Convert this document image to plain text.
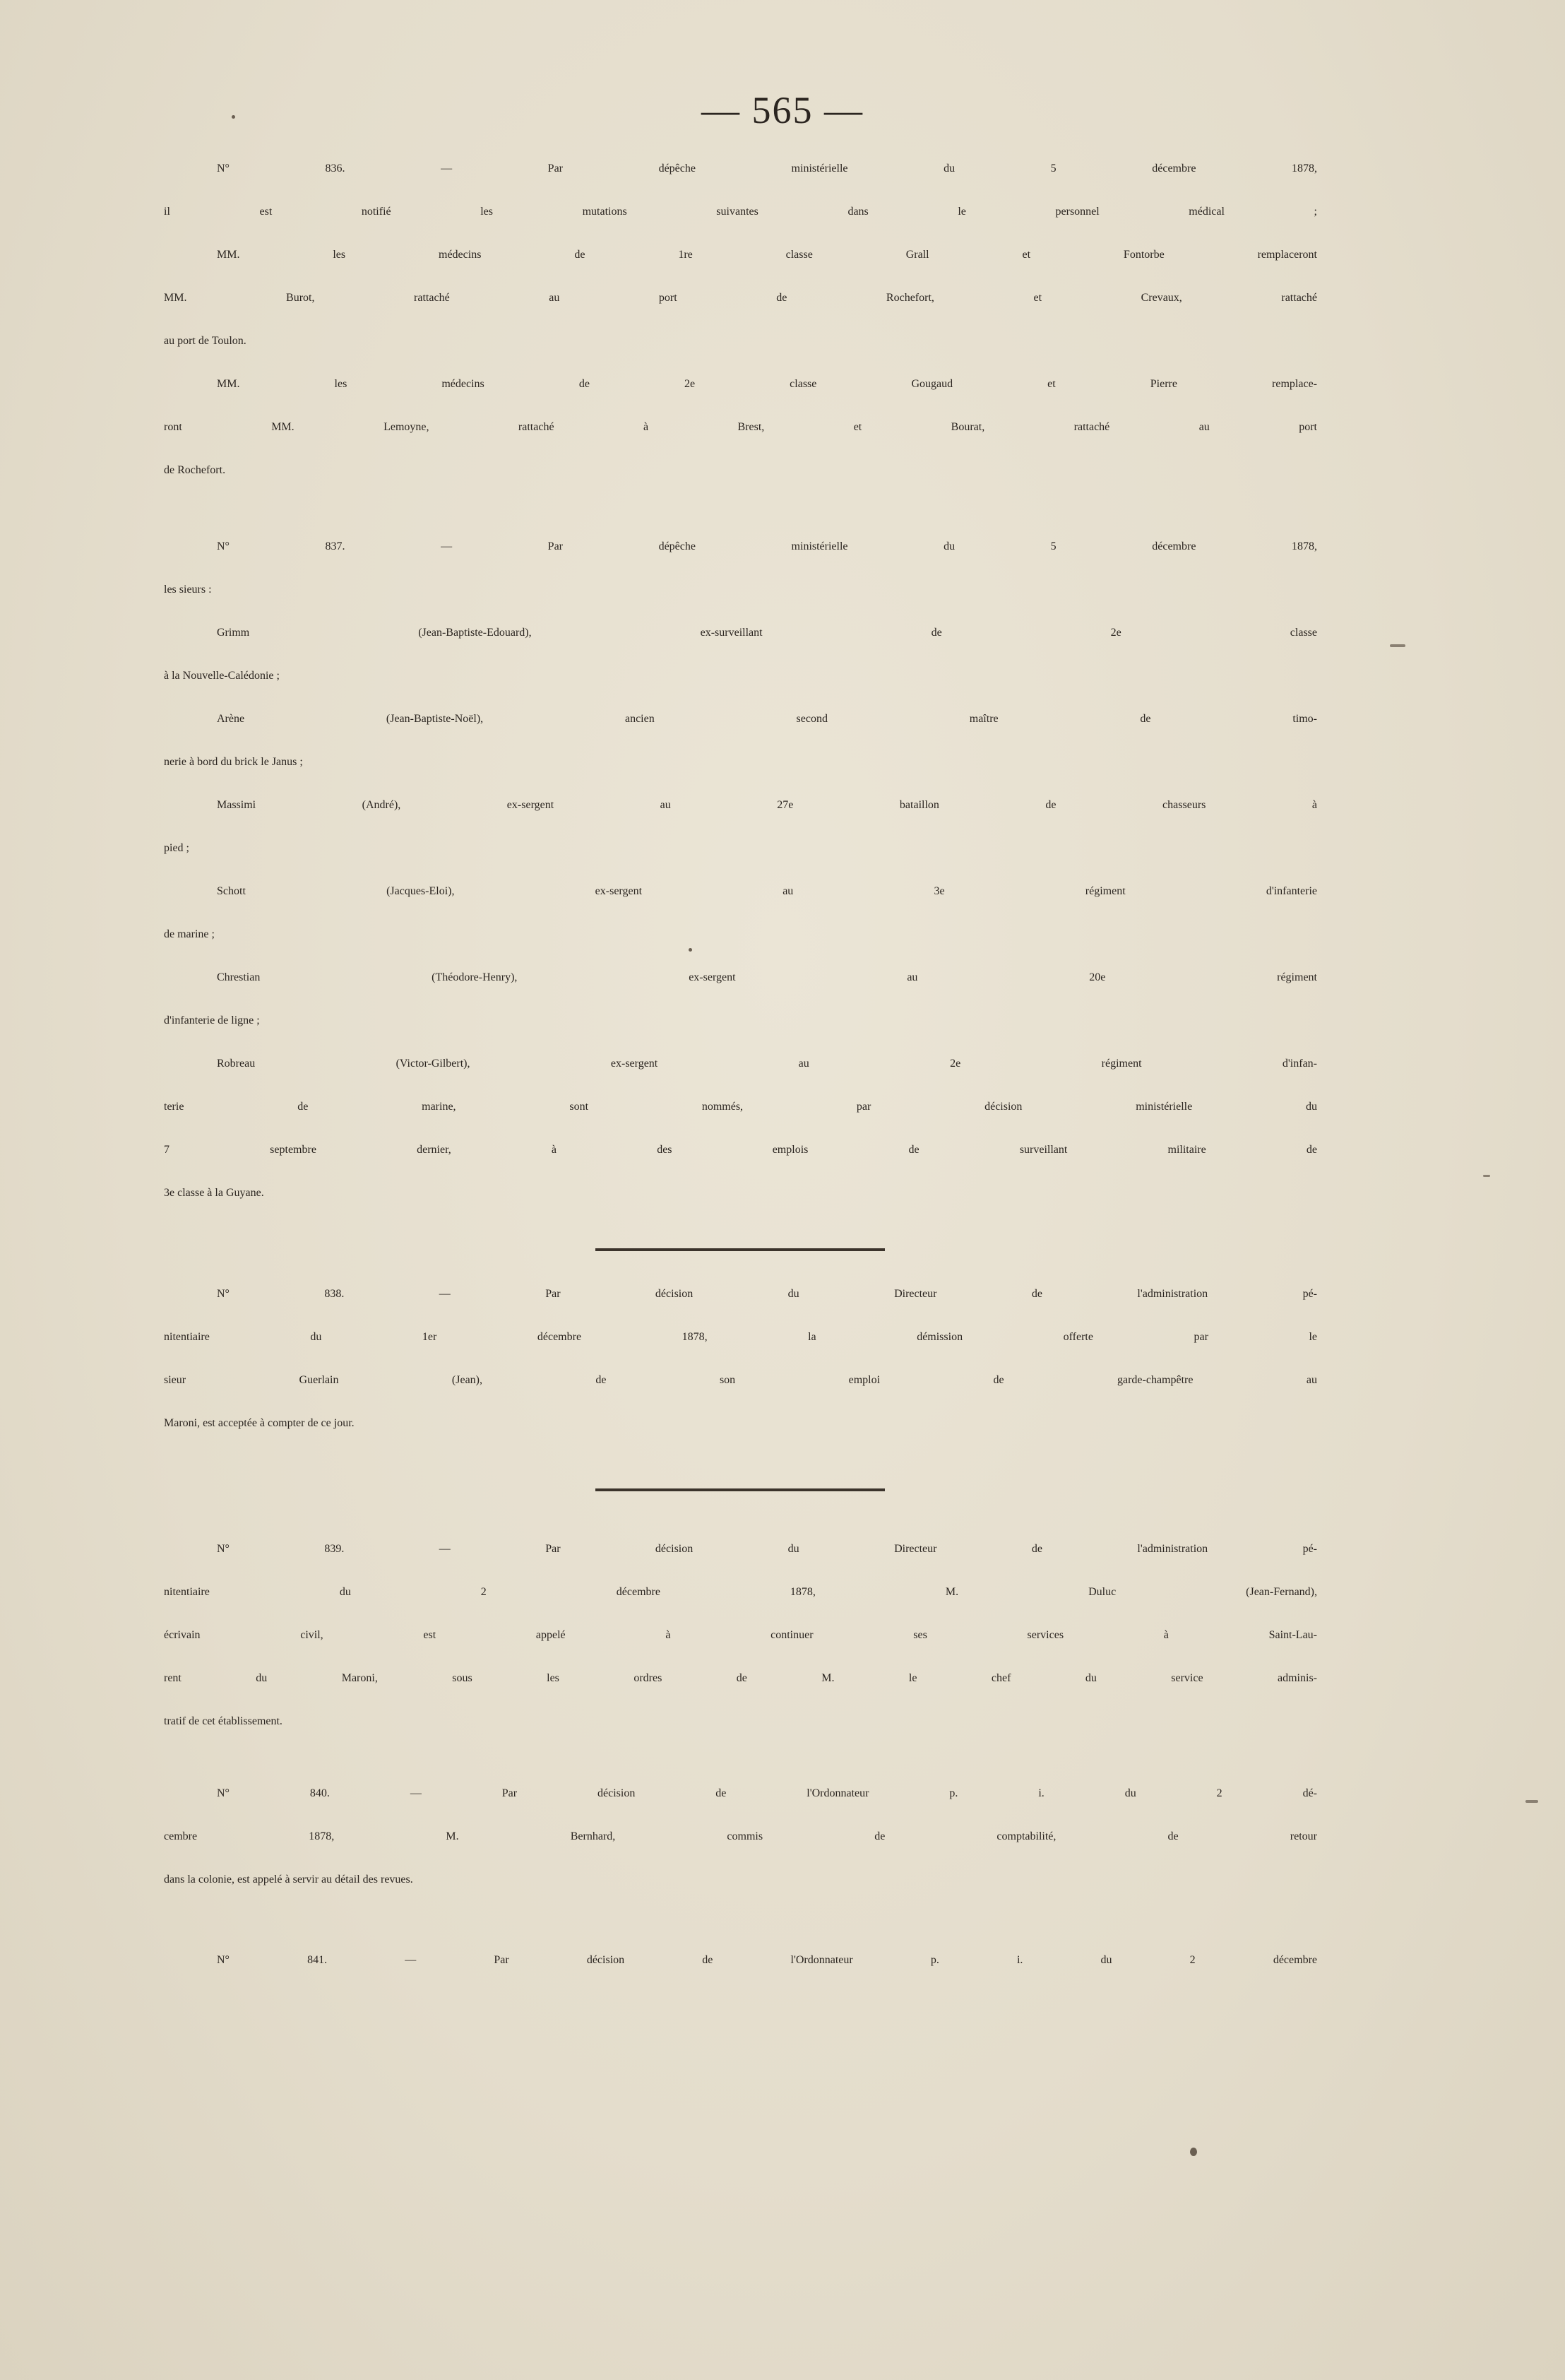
— 565 —
N° 836. — Par dépêche ministérielle du 5 décembre 1878,
il est notifié les mutations suivantes dans le personnel médical ;
MM. les médecins de 1re classe Grall et Fontorbe remplaceront
MM. Burot, rattaché au port de Rochefort, et Crevaux, rattaché
au port de Toulon.
MM. les médecins de 2e classe Gougaud et Pierre remplace-
ront MM. Lemoyne, rattaché à Brest, et Bourat, rattaché au port
de Rochefort.
N° 837. — Par dépêche ministérielle du 5 décembre 1878,
les sieurs :
Grimm (Jean-Baptiste-Edouard), ex-surveillant de 2e classe
à la Nouvelle-Calédonie ;
Arène (Jean-Baptiste-Noël), ancien second maître de timo-
nerie à bord du brick le Janus ;
Massimi (André), ex-sergent au 27e bataillon de chasseurs à
pied ;
Schott (Jacques-Eloi), ex-sergent au 3e régiment d'infanterie
de marine ;
Chrestian (Théodore-Henry), ex-sergent au 20e régiment
d'infanterie de ligne ;
Robreau (Victor-Gilbert), ex-sergent au 2e régiment d'infan-
terie de marine, sont nommés, par décision ministérielle du
7 septembre dernier, à des emplois de surveillant militaire de
3e classe à la Guyane.
N° 838. — Par décision du Directeur de l'administration pé-
nitentiaire du 1er décembre 1878, la démission offerte par le
sieur Guerlain (Jean), de son emploi de garde-champêtre au
Maroni, est acceptée à compter de ce jour.
N° 839. — Par décision du Directeur de l'administration pé-
nitentiaire du 2 décembre 1878, M. Duluc (Jean-Fernand),
écrivain civil, est appelé à continuer ses services à Saint-Lau-
rent du Maroni, sous les ordres de M. le chef du service adminis-
tratif de cet établissement.
N° 840. — Par décision de l'Ordonnateur p. i. du 2 dé-
cembre 1878, M. Bernhard, commis de comptabilité, de retour
dans la colonie, est appelé à servir au détail des revues.
N° 841. — Par décision de l'Ordonnateur p. i. du 2 décembre
